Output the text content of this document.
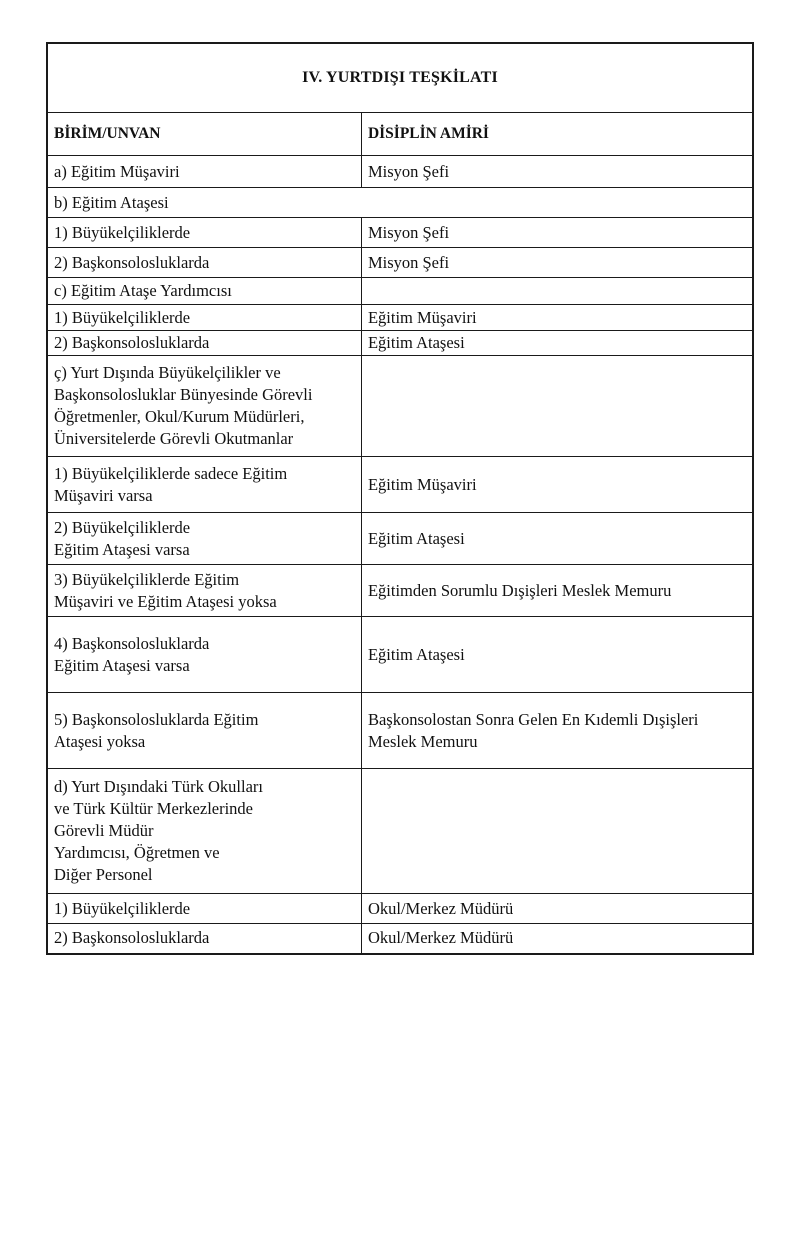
IV. YURTDIŞI TEŞKİLATI	
BİRİM/UNVAN	DİSİPLİN AMİRİ
a) Eğitim Müşaviri	Misyon Şefi
b) Eğitim Ataşesi	
1) Büyükelçiliklerde	Misyon Şefi
2) Başkonsolosluklarda	Misyon Şefi
c) Eğitim Ataşe Yardımcısı	
1) Büyükelçiliklerde	Eğitim Müşaviri
2) Başkonsolosluklarda	Eğitim Ataşesi
ç) Yurt Dışında Büyükelçilikler ve
Başkonsolosluklar Bünyesinde Görevli
Öğretmenler, Okul/Kurum Müdürleri,
Üniversitelerde Görevli Okutmanlar	
1) Büyükelçiliklerde sadece Eğitim
Müşaviri varsa	Eğitim Müşaviri
2) Büyükelçiliklerde
Eğitim Ataşesi varsa	Eğitim Ataşesi
3) Büyükelçiliklerde Eğitim
Müşaviri ve Eğitim Ataşesi yoksa	Eğitimden Sorumlu Dışişleri Meslek Memuru
4) Başkonsolosluklarda
Eğitim Ataşesi varsa	Eğitim Ataşesi
5) Başkonsolosluklarda Eğitim
Ataşesi yoksa	Başkonsolostan Sonra Gelen En Kıdemli Dışişleri
Meslek Memuru
d) Yurt Dışındaki Türk Okulları
ve Türk Kültür Merkezlerinde
Görevli Müdür
Yardımcısı, Öğretmen ve
Diğer Personel	
1) Büyükelçiliklerde	Okul/Merkez Müdürü
2) Başkonsolosluklarda	Okul/Merkez Müdürü
